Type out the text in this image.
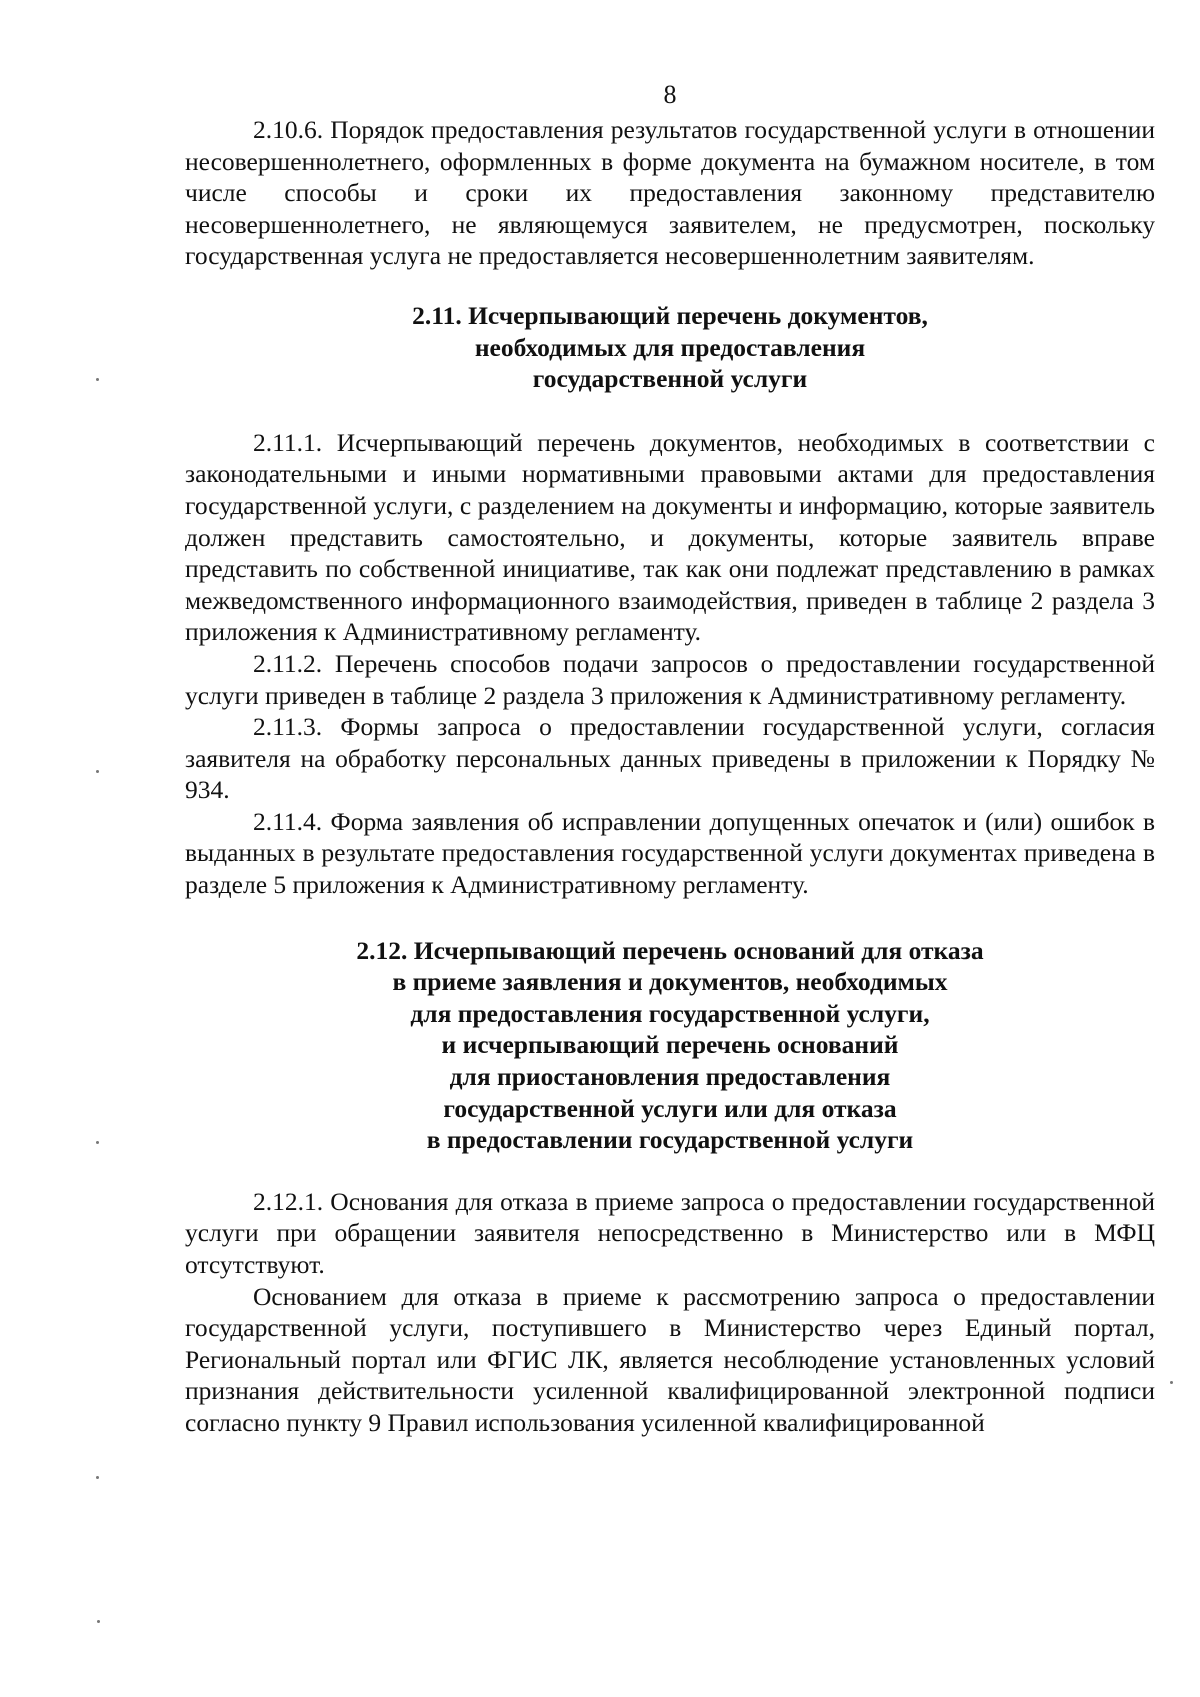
8

2.10.6. Порядок предоставления результатов государственной услуги в отношении несовершеннолетнего, оформленных в форме документа на бумажном носителе, в том числе способы и сроки их предоставления законному представителю несовершеннолетнего, не являющемуся заявителем, не предусмотрен, поскольку государственная услуга не предоставляется несовершеннолетним заявителям.

2.11. Исчерпывающий перечень документов,
необходимых для предоставления
государственной услуги

2.11.1. Исчерпывающий перечень документов, необходимых в соответствии с законодательными и иными нормативными правовыми актами для предоставления государственной услуги, с разделением на документы и информацию, которые заявитель должен представить самостоятельно, и документы, которые заявитель вправе представить по собственной инициативе, так как они подлежат представлению в рамках межведомственного информационного взаимодействия, приведен в таблице 2 раздела 3 приложения к Административному регламенту.

2.11.2. Перечень способов подачи запросов о предоставлении государственной услуги приведен в таблице 2 раздела 3 приложения к Административному регламенту.

2.11.3. Формы запроса о предоставлении государственной услуги, согласия заявителя на обработку персональных данных приведены в приложении к Порядку № 934.

2.11.4. Форма заявления об исправлении допущенных опечаток и (или) ошибок в выданных в результате предоставления государственной услуги документах приведена в разделе 5 приложения к Административному регламенту.

2.12. Исчерпывающий перечень оснований для отказа
в приеме заявления и документов, необходимых
для предоставления государственной услуги,
и исчерпывающий перечень оснований
для приостановления предоставления
государственной услуги или для отказа
в предоставлении государственной услуги

2.12.1. Основания для отказа в приеме запроса о предоставлении государственной услуги при обращении заявителя непосредственно в Министерство или в МФЦ отсутствуют.

Основанием для отказа в приеме к рассмотрению запроса о предоставлении государственной услуги, поступившего в Министерство через Единый портал, Региональный портал или ФГИС ЛК, является несоблюдение установленных условий признания действительности усиленной квалифицированной электронной подписи согласно пункту 9 Правил использования усиленной квалифицированной
